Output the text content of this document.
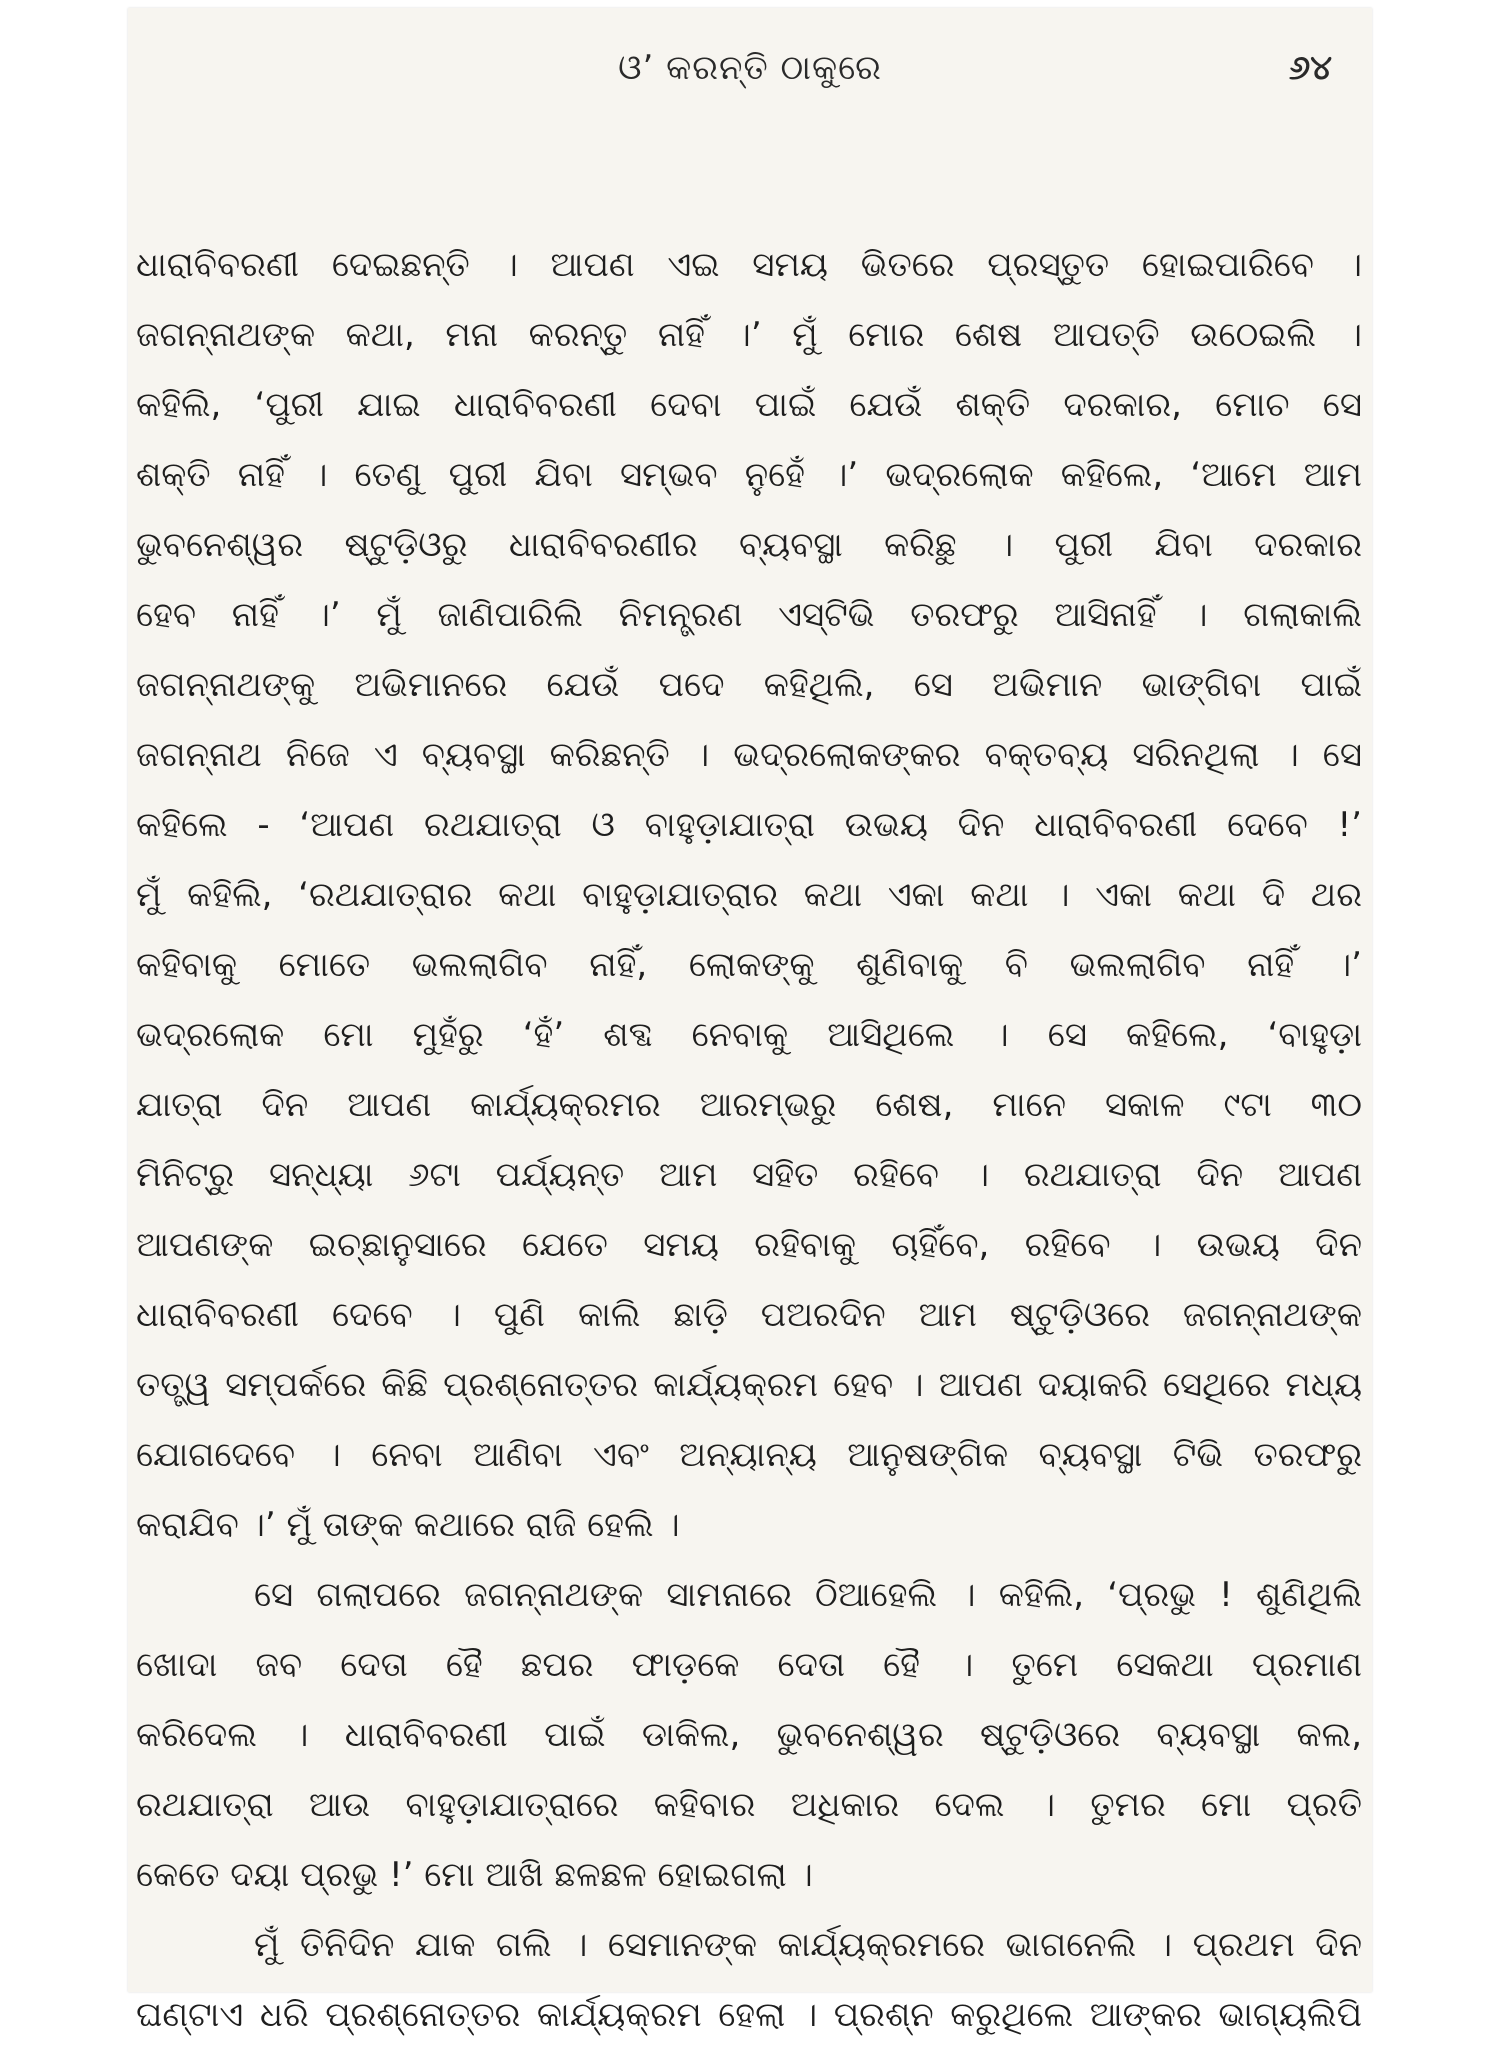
ଓ’ କରନ୍ତି ଠାକୁରେ	୬୪
ଧାରାବିବରଣୀ ଦେଇଛନ୍ତି । ଆପଣ ଏଇ ସମୟ ଭିତରେ ପ୍ରସ୍ତୁତ ହୋଇପାରିବେ ।
ଜଗନ୍ନାଥଙ୍କ କଥା, ମନା କରନ୍ତୁ ନାହିଁ ।’ ମୁଁ ମୋର ଶେଷ ଆପତ୍ତି ଉଠେଇଲି ।
କହିଲି, ‘ପୁରୀ ଯାଇ ଧାରାବିବରଣୀ ଦେବା ପାଇଁ ଯେଉଁ ଶକ୍ତି ଦରକାର, ମୋଚ ସେ
ଶକ୍ତି ନାହିଁ । ତେଣୁ ପୁରୀ ଯିବା ସମ୍ଭବ ନୁହେଁ ।’ ଭଦ୍ରଲୋକ କହିଲେ, ‘ଆମେ ଆମ
ଭୁବନେଶ୍ୱର ଷ୍ଟୁଡ଼ିଓରୁ ଧାରାବିବରଣୀର ବ୍ୟବସ୍ଥା କରିଛୁ । ପୁରୀ ଯିବା ଦରକାର
ହେବ ନାହିଁ ।’ ମୁଁ ଜାଣିପାରିଲି ନିମନ୍ତ୍ରଣ ଏସ୍‌ଟିଭି ତରଫରୁ ଆସିନାହିଁ । ଗଲାକାଲି
ଜଗନ୍ନାଥଙ୍କୁ ଅଭିମାନରେ ଯେଉଁ ପଦେ କହିଥିଲି, ସେ ଅଭିମାନ ଭାଙ୍ଗିବା ପାଇଁ
ଜଗନ୍ନାଥ ନିଜେ ଏ ବ୍ୟବସ୍ଥା କରିଛନ୍ତି । ଭଦ୍ରଲୋକଙ୍କର ବକ୍ତବ୍ୟ ସରିନଥିଲା । ସେ
କହିଲେ - ‘ଆପଣ ରଥଯାତ୍ରା ଓ ବାହୁଡ଼ାଯାତ୍ରା ଉଭୟ ଦିନ ଧାରାବିବରଣୀ ଦେବେ !’
ମୁଁ କହିଲି, ‘ରଥଯାତ୍ରାର କଥା ବାହୁଡ଼ାଯାତ୍ରାର କଥା ଏକା କଥା । ଏକା କଥା ଦି ଥର
କହିବାକୁ ମୋତେ ଭଲଲାଗିବ ନାହିଁ, ଲୋକଙ୍କୁ ଶୁଣିବାକୁ ବି ଭଲଲାଗିବ ନାହିଁ ।’
ଭଦ୍ରଲୋକ ମୋ ମୁହଁରୁ ‘ହଁ’ ଶବ୍ଦ ନେବାକୁ ଆସିଥିଲେ । ସେ କହିଲେ, ‘ବାହୁଡ଼ା
ଯାତ୍ରା ଦିନ ଆପଣ କାର୍ଯ୍ୟକ୍ରମର ଆରମ୍ଭରୁ ଶେଷ, ମାନେ ସକାଳ ୯ଟା ୩୦
ମିନିଟ୍‌ରୁ ସନ୍ଧ୍ୟା ୬ଟା ପର୍ଯ୍ୟନ୍ତ ଆମ ସହିତ ରହିବେ । ରଥଯାତ୍ରା ଦିନ ଆପଣ
ଆପଣଙ୍କ ଇଚ୍ଛାନୁସାରେ ଯେତେ ସମୟ ରହିବାକୁ ଚାହିଁବେ, ରହିବେ । ଉଭୟ ଦିନ
ଧାରାବିବରଣୀ ଦେବେ । ପୁଣି କାଲି ଛାଡ଼ି ପଅରଦିନ ଆମ ଷ୍ଟୁଡ଼ିଓରେ ଜଗନ୍ନାଥଙ୍କ
ତତ୍ତ୍ୱ ସମ୍ପର୍କରେ କିଛି ପ୍ରଶ୍ନୋତ୍ତର କାର୍ଯ୍ୟକ୍ରମ ହେବ । ଆପଣ ଦୟାକରି ସେଥିରେ ମଧ୍ୟ
ଯୋଗଦେବେ । ନେବା ଆଣିବା ଏବଂ ଅନ୍ୟାନ୍ୟ ଆନୁଷଙ୍ଗିକ ବ୍ୟବସ୍ଥା ଟିଭି ତରଫରୁ
କରାଯିବ ।’ ମୁଁ ତାଙ୍କ କଥାରେ ରାଜି ହେଲି ।
ସେ ଗଲାପରେ ଜଗନ୍ନାଥଙ୍କ ସାମନାରେ ଠିଆହେଲି । କହିଲି, ‘ପ୍ରଭୁ ! ଶୁଣିଥିଲି
ଖୋଦା ଜବ ଦେତା ହୈ ଛପର ଫାଡ଼କେ ଦେତା ହୈ । ତୁମେ ସେକଥା ପ୍ରମାଣ
କରିଦେଲ । ଧାରାବିବରଣୀ ପାଇଁ ଡାକିଲ, ଭୁବନେଶ୍ୱର ଷ୍ଟୁଡ଼ିଓରେ ବ୍ୟବସ୍ଥା କଲ,
ରଥଯାତ୍ରା ଆଉ ବାହୁଡ଼ାଯାତ୍ରାରେ କହିବାର ଅଧିକାର ଦେଲ । ତୁମର ମୋ ପ୍ରତି
କେତେ ଦୟା ପ୍ରଭୁ !’ ମୋ ଆଖି ଛଳଛଳ ହୋଇଗଲା ।
ମୁଁ ତିନିଦିନ ଯାକ ଗଲି । ସେମାନଙ୍କ କାର୍ଯ୍ୟକ୍ରମରେ ଭାଗନେଲି । ପ୍ରଥମ ଦିନ
ଘଣ୍ଟାଏ ଧରି ପ୍ରଶ୍ନୋତ୍ତର କାର୍ଯ୍ୟକ୍ରମ ହେଲା । ପ୍ରଶ୍ନ କରୁଥିଲେ ଆଙ୍କର ଭାଗ୍ୟଲିପି
